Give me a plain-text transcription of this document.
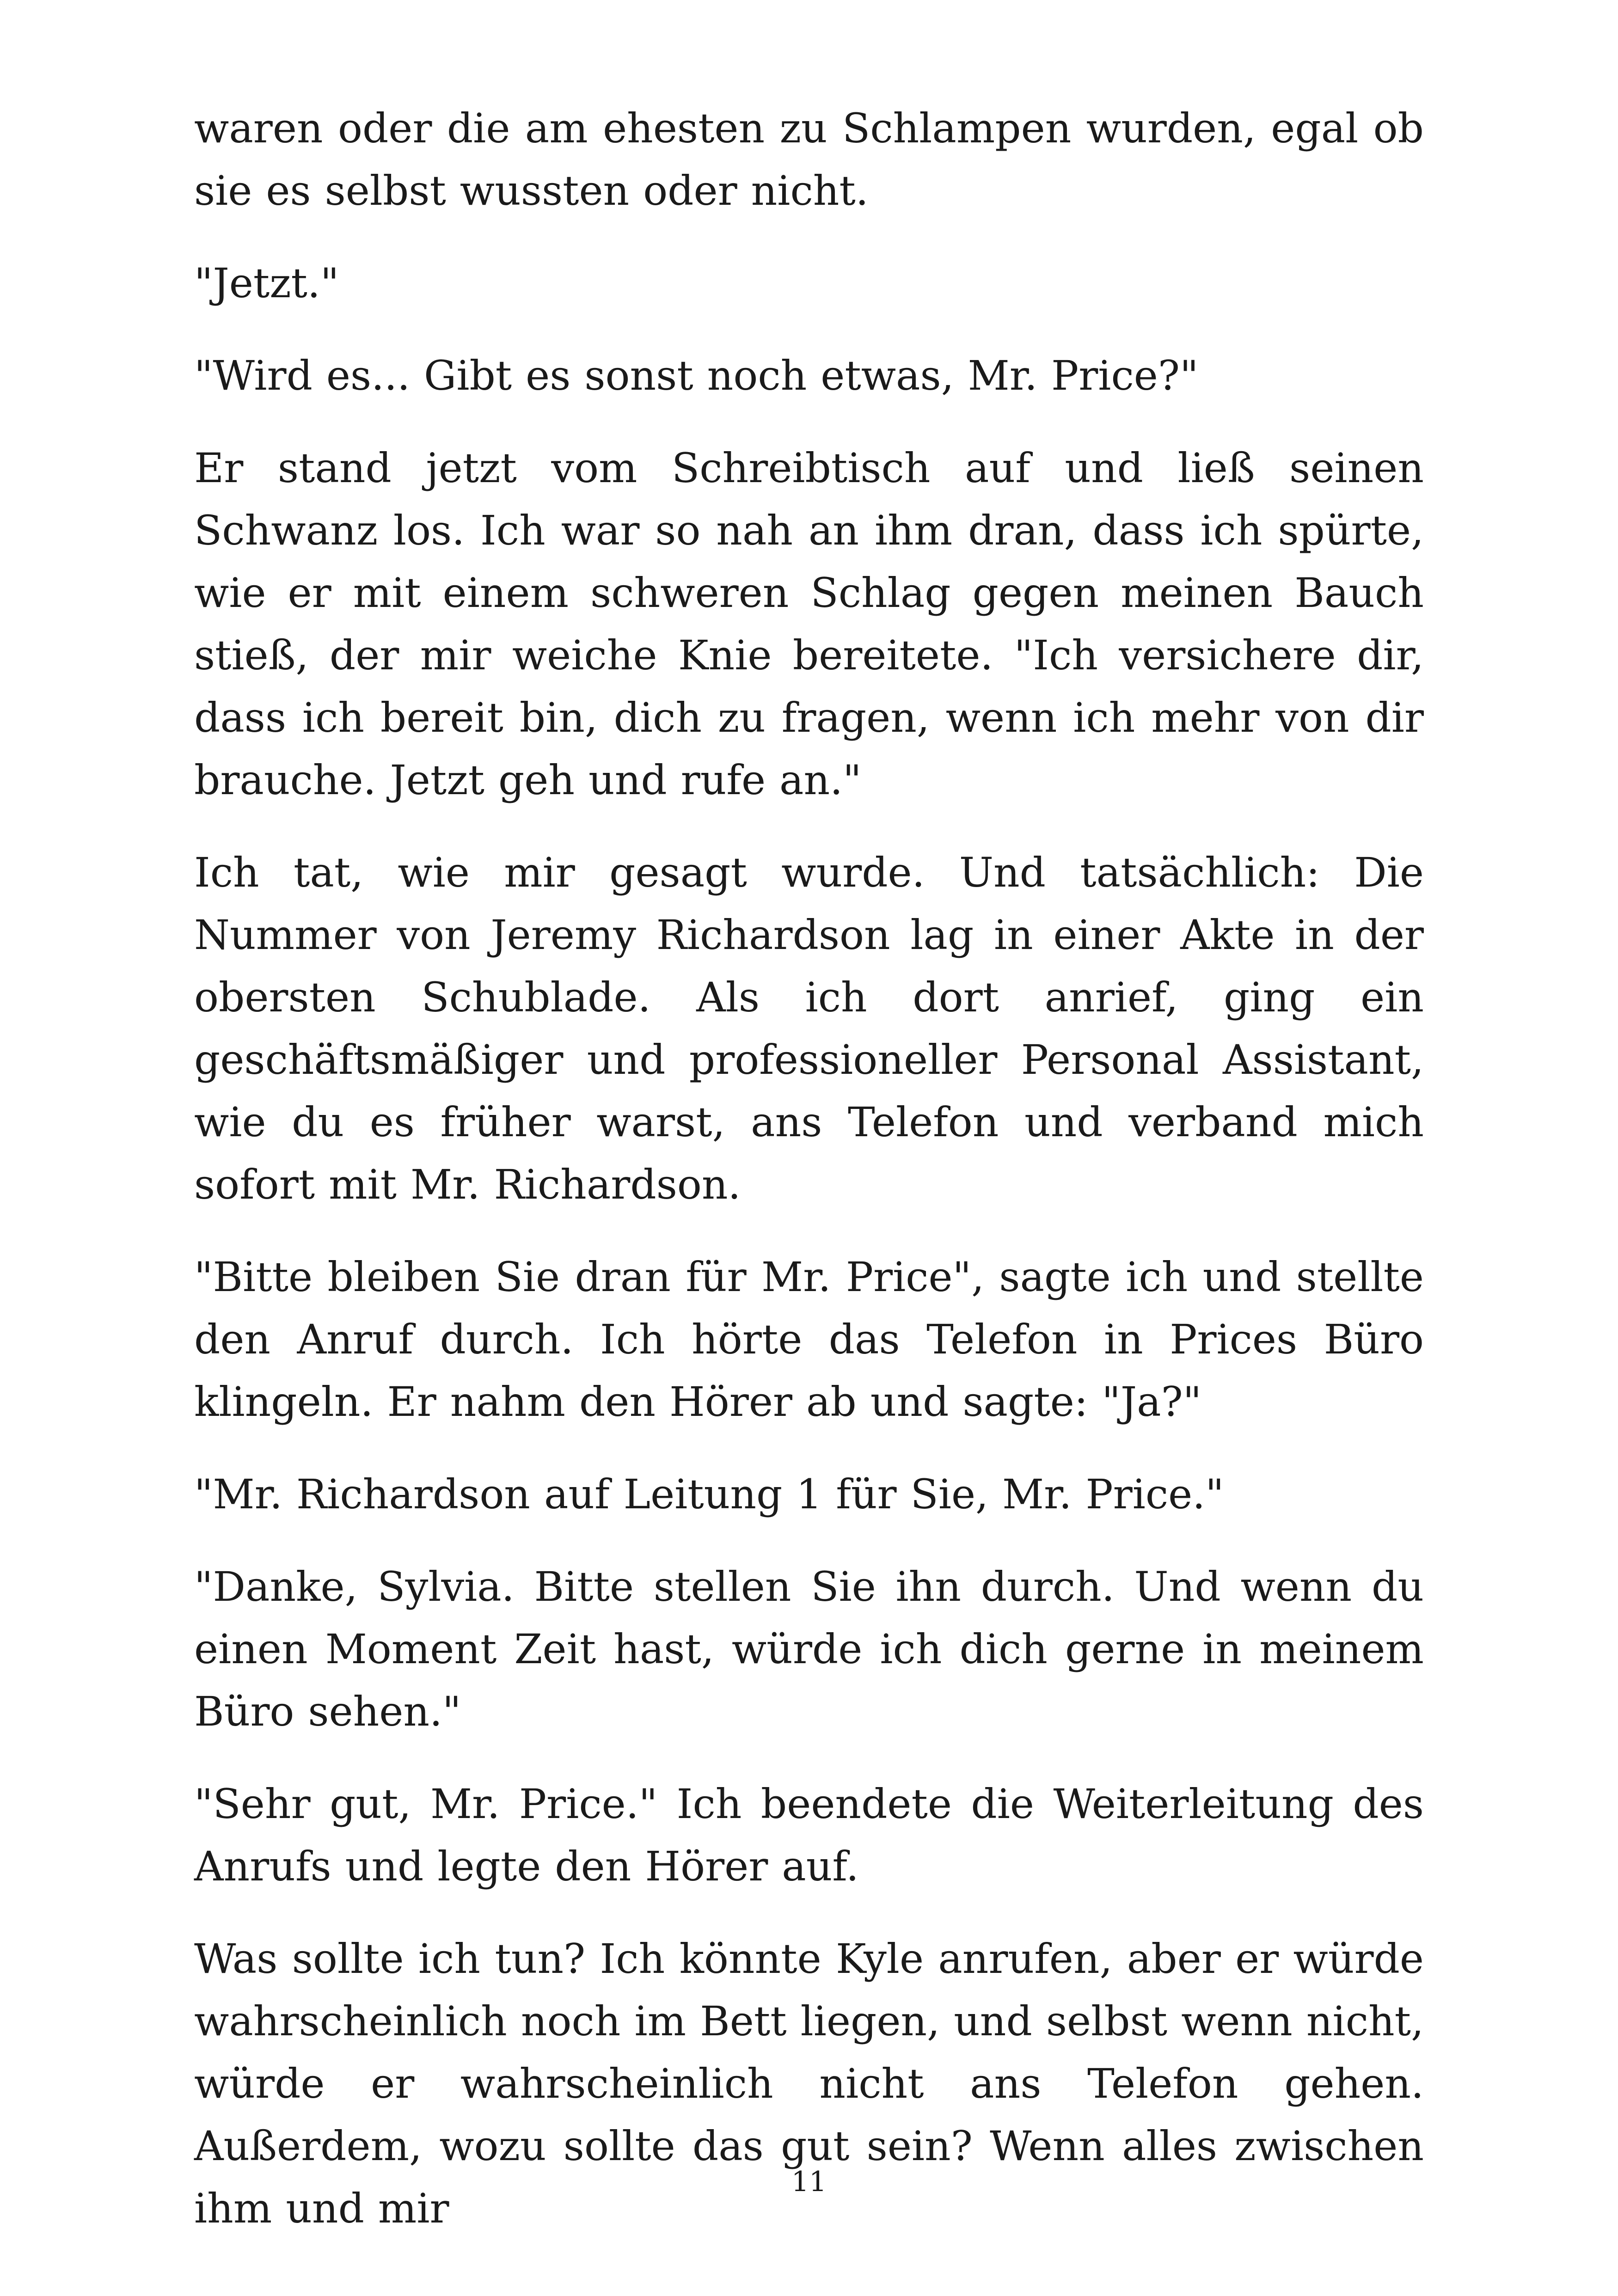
waren oder die am ehesten zu Schlampen wurden, egal ob sie es selbst wussten oder nicht.

"Jetzt."

"Wird es... Gibt es sonst noch etwas, Mr. Price?"

Er stand jetzt vom Schreibtisch auf und ließ seinen Schwanz los. Ich war so nah an ihm dran, dass ich spürte, wie er mit einem schweren Schlag gegen meinen Bauch stieß, der mir weiche Knie bereitete. "Ich versichere dir, dass ich bereit bin, dich zu fragen, wenn ich mehr von dir brauche. Jetzt geh und rufe an."

Ich tat, wie mir gesagt wurde. Und tatsächlich: Die Nummer von Jeremy Richardson lag in einer Akte in der obersten Schublade. Als ich dort anrief, ging ein geschäftsmäßiger und professioneller Personal Assistant, wie du es früher warst, ans Telefon und verband mich sofort mit Mr. Richardson.

"Bitte bleiben Sie dran für Mr. Price", sagte ich und stellte den Anruf durch. Ich hörte das Telefon in Prices Büro klingeln. Er nahm den Hörer ab und sagte: "Ja?"

"Mr. Richardson auf Leitung 1 für Sie, Mr. Price."

"Danke, Sylvia. Bitte stellen Sie ihn durch. Und wenn du einen Moment Zeit hast, würde ich dich gerne in meinem Büro sehen."

"Sehr gut, Mr. Price." Ich beendete die Weiterleitung des Anrufs und legte den Hörer auf.

Was sollte ich tun? Ich könnte Kyle anrufen, aber er würde wahrscheinlich noch im Bett liegen, und selbst wenn nicht, würde er wahrscheinlich nicht ans Telefon gehen. Außerdem, wozu sollte das gut sein? Wenn alles zwischen ihm und mir

11
